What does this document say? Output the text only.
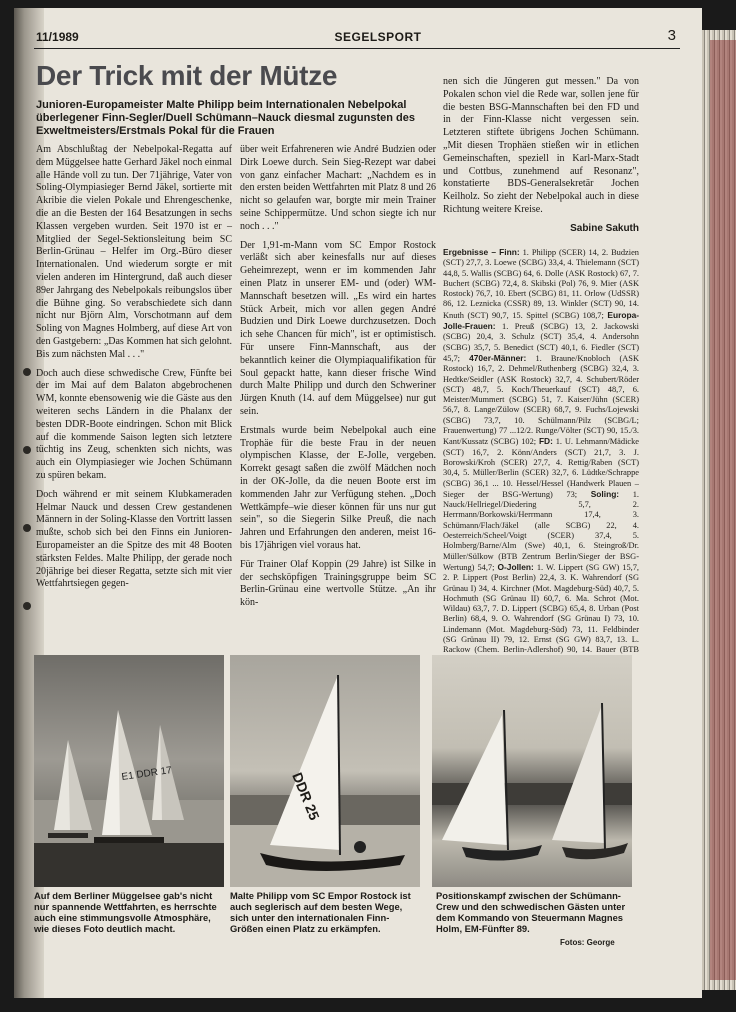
11/1989	SEGELSPORT	3
Der Trick mit der Mütze
Junioren-Europameister Malte Philipp beim Internationalen Nebelpokal überlegener Finn-Segler/Duell Schümann–Nauck diesmal zugunsten des Exweltmeisters/Erstmals Pokal für die Frauen

Am Abschlußtag der Nebelpokal-Regatta auf dem Müggelsee hatte Gerhard Jäkel noch einmal alle Hände voll zu tun. Der 71jährige, Vater von Soling-Olympiasieger Bernd Jäkel, sortierte mit Akribie die vielen Pokale und Ehrengeschenke, die an die Besten der 164 Besatzungen in sechs Klassen vergeben wurden. Seit 1970 ist er – Mitglied der Segel-Sektionsleitung beim SC Berlin-Grünau – Helfer im Org.-Büro dieser Internationalen. Und wiederum sorgte er mit vielen anderen im Hintergrund, daß auch dieser 89er Jahrgang des Nebelpokals reibungslos über die Bühne ging. So verabschiedete sich dann nicht nur Björn Alm, Vorschotmann auf dem Soling von Magnes Holmberg, auf diese Art von den Gastgebern: „Das Kommen hat sich gelohnt. Bis zum nächsten Mal . . ."

Doch auch diese schwedische Crew, Fünfte bei der im Mai auf dem Balaton abgebrochenen WM, konnte ebensowenig wie die Gäste aus den weiteren sechs Ländern in die Phalanx der besten DDR-Boote eindringen. Schon mit Blick auf die kommende Saison legten sich letztere tüchtig ins Zeug, schenkten sich nichts, was auch ein Olympiasieger wie Jochen Schümann zu spüren bekam.

Doch während er mit seinem Klubkameraden Helmar Nauck und dessen Crew gestandenen Männern in der Soling-Klasse den Vortritt lassen mußte, schob sich bei den Finns ein Junioren-Europameister an die Spitze des mit 48 Booten stärksten Feldes. Malte Philipp, der gerade noch 20jährige bei dieser Regatta, setzte sich mit vier Wettfahrtsiegen gegen-

über weit Erfahreneren wie André Budzien oder Dirk Loewe durch. Sein Sieg-Rezept war dabei von ganz einfacher Machart: „Nachdem es in den ersten beiden Wettfahrten mit Platz 8 und 26 nicht so gelaufen war, borgte mir mein Trainer seine Schippermütze. Und schon siegte ich nur noch . . ."

Der 1,91-m-Mann vom SC Empor Rostock verläßt sich aber keinesfalls nur auf dieses Geheimrezept, wenn er im kommenden Jahr einen Platz in unserer EM- und (oder) WM-Mannschaft besetzen will. „Es wird ein hartes Stück Arbeit, mich vor allen gegen André Budzien und Dirk Loewe durchzusetzen. Doch ich sehe Chancen für mich", ist er optimistisch. Für unsere Finn-Mannschaft, aus der bekanntlich keiner die Olympiaqualifikation für Soul gepackt hatte, kann dieser frische Wind durch Malte Philipp und durch den Schweriner Jürgen Knuth (14. auf dem Müggelsee) nur gut sein.

Erstmals wurde beim Nebelpokal auch eine Trophäe für die beste Frau in der neuen olympischen Klasse, der E-Jolle, vergeben. Korrekt gesagt saßen die zwölf Mädchen noch in der OK-Jolle, da die neuen Boote erst im kommenden Jahr zur Verfügung stehen. „Doch Wettkämpfe–wie dieser können für uns nur gut sein", so die Siegerin Silke Preuß, die nach Jahren und Erfahrungen den anderen, meist 16- bis 17jährigen viel voraus hat.

Für Trainer Olaf Koppin (29 Jahre) ist Silke in der sechsköpfigen Trainingsgruppe beim SC Berlin-Grünau eine wertvolle Stütze. „An ihr kön-

nen sich die Jüngeren gut messen." Da von Pokalen schon viel die Rede war, sollen jene für die besten BSG-Mannschaften bei den FD und in der Finn-Klasse nicht vergessen sein. Letzteren stiftete übrigens Jochen Schümann. „Mit diesen Trophäen stießen wir in etlichen Gemeinschaften, speziell in Karl-Marx-Stadt und Cottbus, zunehmend auf Resonanz", konstatierte BDS-Generalsekretär Jochen Keilholz. So zieht der Nebelpokal auch in diese Richtung weitere Kreise.

Sabine Sakuth
Ergebnisse – Finn: 1. Philipp (SCER) 14, 2. Budzien (SCT) 27,7, 3. Loewe (SCBG) 33,4, 4. Thielemann (SCT) 44,8, 5. Wallis (SCBG) 64, 6. Dolle (ASK Rostock) 67, 7. Buchert (SCBG) 72,4, 8. Skibski (Pol) 76, 9. Mier (ASK Rostock) 76,7, 10. Ebert (SCBG) 81, 11. Orlow (UdSSR) 86, 12. Leznicka (CSSR) 89, 13. Winkler (SCT) 90, 14. Knuth (SCT) 90,7, 15. Spittel (SCBG) 108,7; Europa-Jolle-Frauen: 1. Preuß (SCBG) 13, 2. Jackowski (SCBG) 20,4, 3. Schulz (SCT) 35,4, 4. Andersohn (SCBG) 35,7, 5. Benedict (SCT) 40,1, 6. Fiedler (SCT) 45,7; 470er-Männer: 1. Braune/Knobloch (ASK Rostock) 16,7, 2. Dehmel/Ruthenberg (SCBG) 32,4, 3. Hedtke/Seidler (ASK Rostock) 32,7, 4. Schubert/Röder (SCT) 48,7, 5. Koch/Theuerkauf (SCT) 48,7, 6. Meister/Mummert (SCBG) 51, 7. Kaiser/Jühn (SCER) 56,7, 8. Lange/Zülow (SCER) 68,7, 9. Fuchs/Lojewski (SCBG) 73,7, 10. Schülmann/Pilz (SCBG/L; Frauenwertung) 77 ...12/2. Runge/Völter (SCT) 90, 15./3. Kant/Kussatz (SCBG) 102; FD: 1. U. Lehmann/Mädicke (SCT) 16,7, 2. Könn/Anders (SCT) 21,7, 3. J. Borowski/Kroh (SCER) 27,7, 4. Rettig/Raben (SCT) 30,4, 5. Müller/Berlin (SCER) 32,7, 6. Lüdtke/Schrappe (SCBG) 36,1 ... 10. Hessel/Hessel (Handwerk Plauen – Sieger der BSG-Wertung) 73; Soling: 1. Nauck/Hellriegel/Diedering 5,7, 2. Herrmann/Borkowski/Herrmann 17,4, 3. Schümann/Flach/Jäkel (alle SCBG) 22, 4. Oesterreich/Scheel/Voigt (SCER) 37,4, 5. Holmberg/Barne/Alm (Swe) 40,1, 6. Steingroß/Dr. Müller/Sülkow (BTB Zentrum Berlin/Sieger der BSG-Wertung) 54,7; O-Jollen: 1. W. Lippert (SG GW) 15,7, 2. P. Lippert (Post Berlin) 22,4, 3. K. Wahrendorf (SG Grünau I) 34, 4. Kirchner (Mot. Magdeburg-Süd) 40,7, 5. Hochmuth (SG Grünau II) 60,7, 6. Ma. Schrot (Mot. Wildau) 63,7, 7. D. Lippert (SCBG) 65,4, 8. Urban (Post Berlin) 68,4, 9. O. Wahrendorf (SG Grünau I) 73, 10. Lindemann (Mot. Magdeburg-Süd) 73, 11. Feldbinder (SG Grünau II) 79, 12. Ernst (SG GW) 83,7, 13. L. Rackow (Chem. Berlin-Adlershof) 90, 14. Bauer (BTB
E1 DDR 17	DDR 25
Auf dem Berliner Müggelsee gab's nicht nur spannende Wettfahrten, es herrschte auch eine stimmungsvolle Atmosphäre, wie dieses Foto deutlich macht.
Malte Philipp vom SC Empor Rostock ist auch seglerisch auf dem besten Wege, sich unter den internationalen Finn-Größen einen Platz zu erkämpfen.
Positionskampf zwischen der Schümann-Crew und den schwedischen Gästen unter dem Kommando von Steuermann Magnes Holm, EM-Fünfter 89.
Fotos: George
